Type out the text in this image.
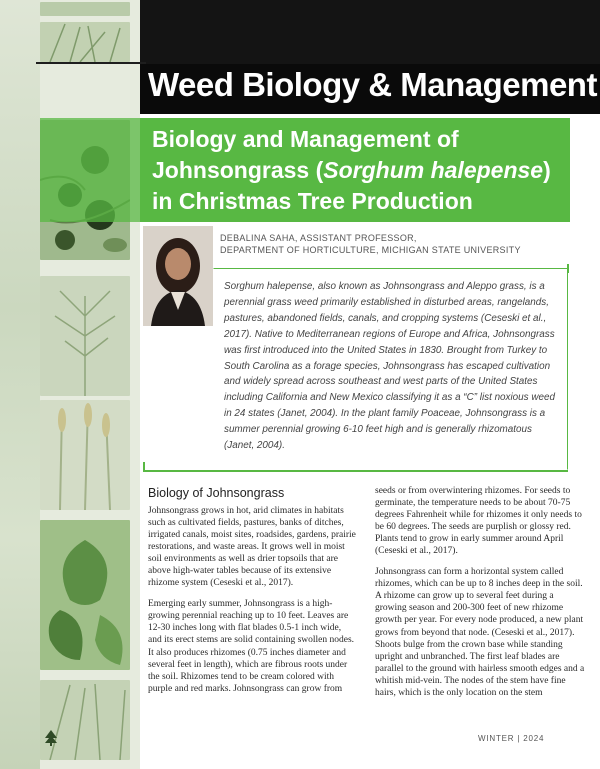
Weed Biology & Management
Biology and Management of
Johnsongrass (Sorghum halepense)
in Christmas Tree Production
DEBALINA SAHA, ASSISTANT PROFESSOR,
DEPARTMENT OF HORTICULTURE, MICHIGAN STATE UNIVERSITY
Sorghum halepense, also known as Johnsongrass and Aleppo grass, is a perennial grass weed primarily established in disturbed areas, rangelands, pastures, abandoned fields, canals, and cropping systems (Ceseski et al., 2017). Native to Mediterranean regions of Europe and Africa, Johnsongrass was first introduced into the United States in 1830. Brought from Turkey to South Carolina as a forage species, Johnsongrass has escaped cultivation and widely spread across southeast and west parts of the United States including California and New Mexico classifying it as a “C” list noxious weed in 24 states (Janet, 2004). In the plant family Poaceae, Johnsongrass is a summer perennial growing 6-10 feet high and is generally rhizomatous (Janet, 2004).
Biology of Johnsongrass

Johnsongrass grows in hot, arid climates in habitats such as cultivated fields, pastures, banks of ditches, irrigated canals, moist sites, roadsides, gardens, prairie restorations, and waste areas. It grows well in moist soil environments as well as drier topsoils that are above high-water tables because of its extensive rhizome system (Ceseski et al., 2017).

Emerging early summer, Johnsongrass is a high-growing perennial reaching up to 10 feet. Leaves are 12-30 inches long with flat blades 0.5-1 inch wide, and its erect stems are solid containing swollen nodes. It also produces rhizomes (0.75 inches diameter and several feet in length), which are fibrous roots under the soil. Rhizomes tend to be cream colored with purple and red marks. Johnsongrass can grow from

seeds or from overwintering rhizomes. For seeds to germinate, the temperature needs to be about 70-75 degrees Fahrenheit while for rhizomes it only needs to be 60 degrees. The seeds are purplish or glossy red. Plants tend to grow in early summer around April (Ceseski et al., 2017).

Johnsongrass can form a horizontal system called rhizomes, which can be up to 8 inches deep in the soil. A rhizome can grow up to several feet during a growing season and 200-300 feet of new rhizome growth per year. For every node produced, a new plant grows from beyond that node. (Ceseski et al., 2017). Shoots bulge from the crown base while standing upright and unbranched. The first leaf blades are parallel to the ground with hairless smooth edges and a whitish mid-vein. The nodes of the stem have fine hairs, which is the only location on the stem

WINTER | 2024
